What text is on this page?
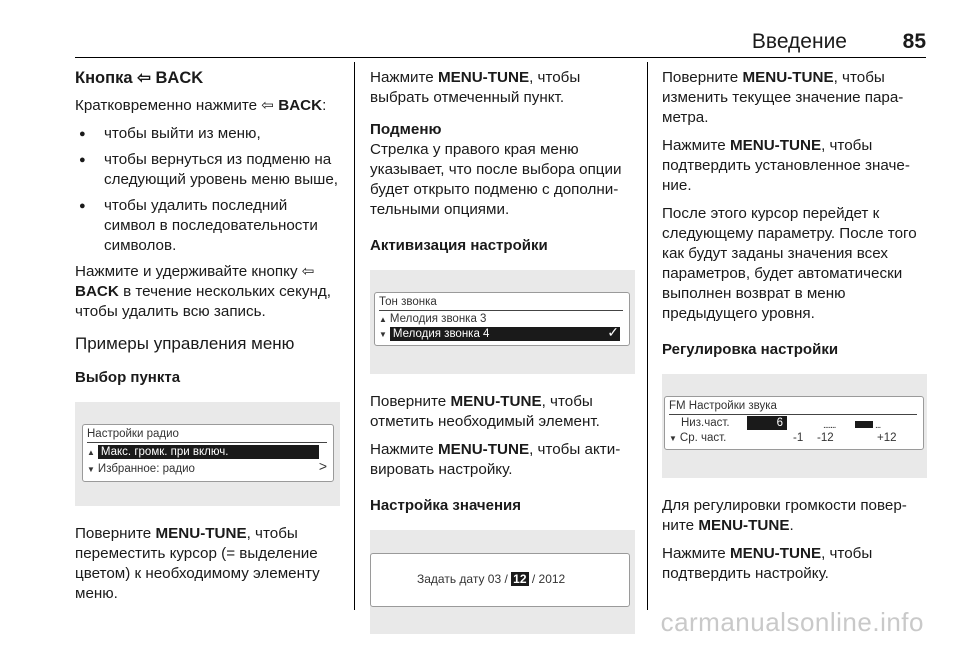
Введение	85
Кнопка ⇦ BACK

Кратковременно нажмите ⇦ BACK:

● чтобы выйти из меню,
● чтобы вернуться из подменю на следующий уровень меню выше,
● чтобы удалить последний символ в последовательности символов.

Нажмите и удерживайте кнопку ⇦ BACK в течение нескольких секунд, чтобы удалить всю запись.

Примеры управления меню
Выбор пункта
Настройки радио
▲ Макс. громк. при включ.	>
▼ Избранное: радио	>

Поверните MENU-TUNE, чтобы переместить курсор (= выделение цветом) к необходимому элементу меню.

Нажмите MENU-TUNE, чтобы выбрать отмеченный пункт.

Подменю

Стрелка у правого края меню указывает, что после выбора опции будет открыто подменю с дополнительными опциями.

Активизация настройки
Тон звонка
▲ Мелодия звонка 3
▼ Мелодия звонка 4	✓

Поверните MENU-TUNE, чтобы отметить необходимый элемент.

Нажмите MENU-TUNE, чтобы активировать настройку.

Настройка значения
Задать дату 03 / 12 / 2012

Поверните MENU-TUNE, чтобы изменить текущее значение параметра.

Нажмите MENU-TUNE, чтобы подтвердить установленное значение.

После этого курсор перейдет к следующему параметру. После того как будут заданы значения всех параметров, будет автоматически выполнен возврат в меню предыдущего уровня.

Регулировка настройки
FM Настройки звука
Низ.част.	6
▼ Ср. част.	-1 -12	+12
.......	...

Для регулировки громкости поверните MENU-TUNE.

Нажмите MENU-TUNE, чтобы подтвердить настройку.

carmanualsonline.info
